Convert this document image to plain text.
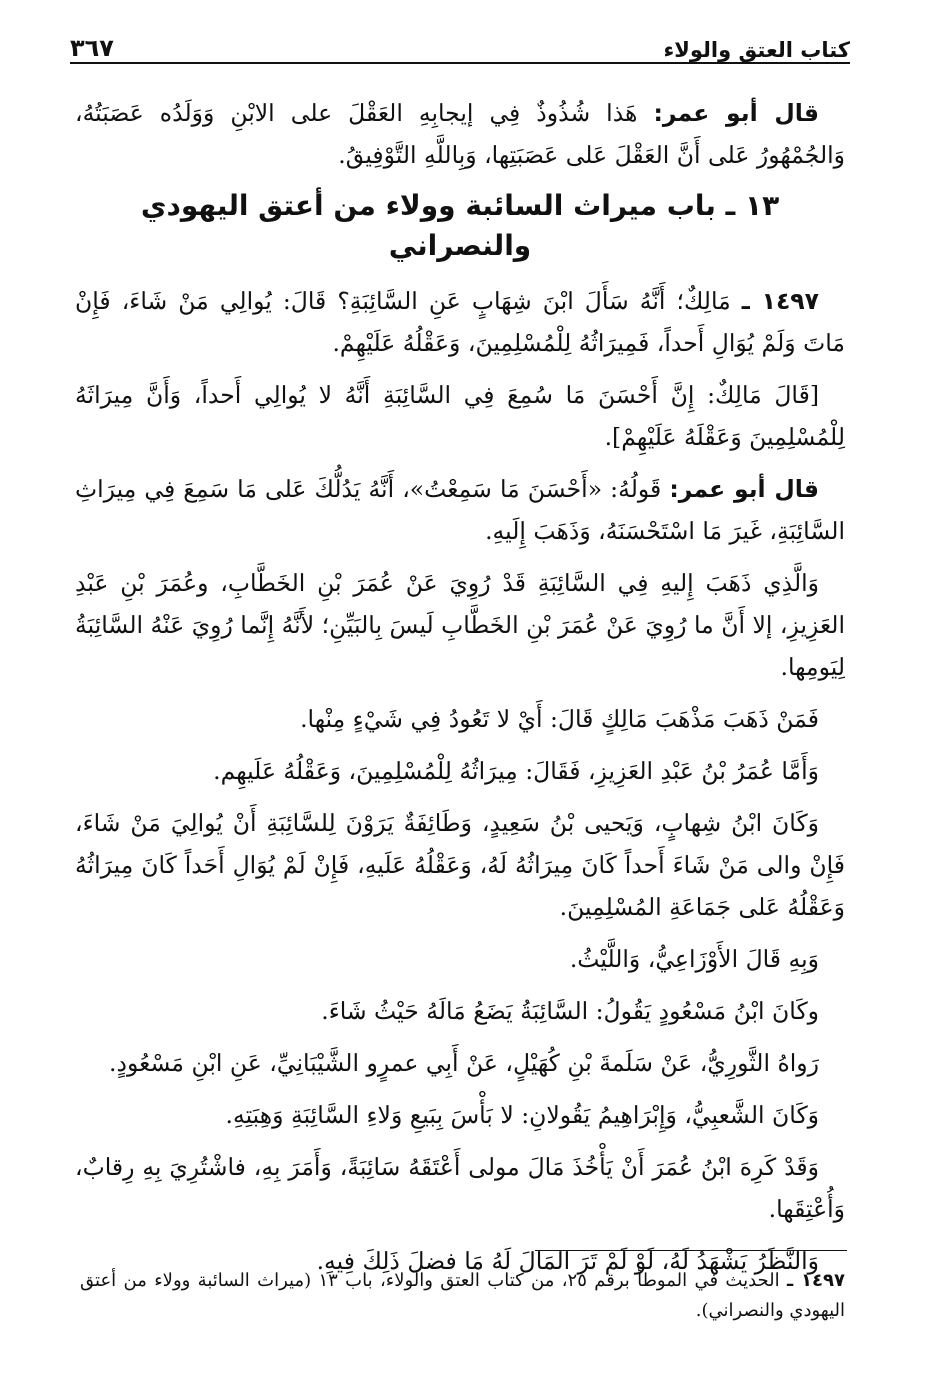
كتاب العتق والولاء
٣٦٧

قال أبو عمر: هَذا شُذُوذٌ فِي إيجابِهِ العَقْلَ على الابْنِ وَوَلَدُه عَصَبَتُهُ، وَالجُمْهُورُ عَلى أَنَّ العَقْلَ عَلى عَصَبَتِها، وَبِاللَّهِ التَّوْفِيقُ.

١٣ ـ باب ميراث السائبة وولاء من أعتق اليهودي والنصراني

١٤٩٧ ـ مَالِكٌ؛ أَنَّهُ سَأَلَ ابْنَ شِهَابٍ عَنِ السَّائِبَةِ؟ قَالَ: يُوالِي مَنْ شَاءَ، فَإِنْ مَاتَ وَلَمْ يُوَالِ أَحداً، فَمِيرَاثُهُ لِلْمُسْلِمِينَ، وَعَقْلُهُ عَلَيْهِمْ.

[قَالَ مَالِكٌ: إِنَّ أَحْسَنَ مَا سُمِعَ فِي السَّائِبَةِ أَنَّهُ لا يُوالِي أَحداً، وَأَنَّ مِيرَاثَهُ لِلْمُسْلِمِينَ وَعَقْلَهُ عَلَيْهِمْ].

قال أبو عمر: قَولُهُ: «أَحْسَنَ مَا سَمِعْتُ»، أَنَّهُ يَدُلُّكَ عَلى مَا سَمِعَ فِي مِيرَاثِ السَّائِبَةِ، غَيرَ مَا اسْتَحْسَنَهُ، وَذَهَبَ إِلَيهِ.

وَالَّذِي ذَهَبَ إِليهِ فِي السَّائِبَةِ قَدْ رُوِيَ عَنْ عُمَرَ بْنِ الخَطَّابِ، وعُمَرَ بْنِ عَبْدِ العَزِيزِ، إلا أَنَّ ما رُوِيَ عَنْ عُمَرَ بْنِ الخَطَّابِ لَيسَ بِالبَيِّنِ؛ لأَنَّهُ إِنَّما رُوِيَ عَنْهُ السَّائِبَةُ لِيَومِها.

فَمَنْ ذَهَبَ مَذْهَبَ مَالِكٍ قَالَ: أَيْ لا تَعُودُ فِي شَيْءٍ مِنْها.

وَأَمَّا عُمَرُ بْنُ عَبْدِ العَزِيزِ، فَقَالَ: مِيرَاثُهُ لِلْمُسْلِمِينَ، وَعَقْلُهُ عَلَيهِم.

وَكَانَ ابْنُ شِهابٍ، وَيَحيى بْنُ سَعِيدٍ، وَطَائِفَةٌ يَرَوْنَ لِلسَّائِبَةِ أَنْ يُوالِيَ مَنْ شَاءَ، فَإِنْ والى مَنْ شَاءَ أَحداً كَانَ مِيرَاثُهُ لَهُ، وَعَقْلُهُ عَلَيهِ، فَإِنْ لَمْ يُوَالِ أَحَداً كَانَ مِيرَاثُهُ وَعَقْلُهُ عَلى جَمَاعَةِ المُسْلِمِينَ.

وَبِهِ قَالَ الأَوْزَاعِيُّ، وَاللَّيْثُ.

وكَانَ ابْنُ مَسْعُودٍ يَقُولُ: السَّائِبَةُ يَضَعُ مَالَهُ حَيْثُ شَاءَ.

رَواهُ الثَّورِيُّ، عَنْ سَلَمةَ بْنِ كُهَيْلٍ، عَنْ أَبِي عمرٍو الشَّيْبَانِيِّ، عَنِ ابْنِ مَسْعُودٍ.

وَكَانَ الشَّعبِيُّ، وَإِبْرَاهِيمُ يَقُولانِ: لا بَأْسَ بِبَيعِ وَلاءِ السَّائِبَةِ وَهِبَتِهِ.

وَقَدْ كَرِهَ ابْنُ عُمَرَ أَنْ يَأْخُذَ مَالَ مولى أَعْتَقَهُ سَائِبَةً، وَأَمَرَ بِهِ، فاشْتُرِيَ بِهِ رِقابٌ، وَأُعْتِقَها.

وَالنَّظَرُ يَشْهَدُ لَهُ، لَوْ لَمْ تَرَ المَالَ لَهُ مَا فضلَ ذَلِكَ فِيهِ.

١٤٩٧ ـ الحديث في الموطأ برقم ٢٥، من كتاب العتق والولاء، باب ١٣ (ميراث السائبة وولاء من أعتق اليهودي والنصراني).
